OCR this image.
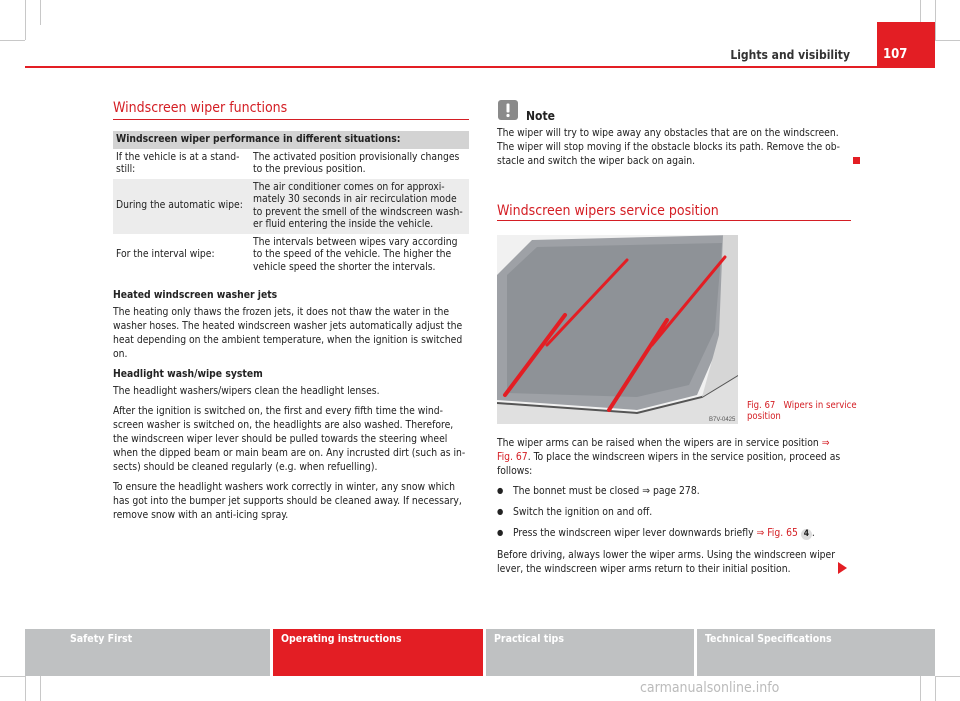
Lights and visibility	107
Windscreen wiper functions
Windscreen wiper performance in different situations:	
If the vehicle is at a stand-still:	The activated position provisionally changes to the previous position.
During the automatic wipe:	The air conditioner comes on for approxi-mately 30 seconds in air recirculation mode to prevent the smell of the windscreen wash-er fluid entering the inside the vehicle.
For the interval wipe:	The intervals between wipes vary according to the speed of the vehicle. The higher the vehicle speed the shorter the intervals.

Heated windscreen washer jets
The heating only thaws the frozen jets, it does not thaw the water in the washer hoses. The heated windscreen washer jets automatically adjust the heat depending on the ambient temperature, when the ignition is switched on.

Headlight wash/wipe system
The headlight washers/wipers clean the headlight lenses.

After the ignition is switched on, the first and every fifth time the wind-screen washer is switched on, the headlights are also washed. Therefore, the windscreen wiper lever should be pulled towards the steering wheel when the dipped beam or main beam are on. Any incrusted dirt (such as in-sects) should be cleaned regularly (e.g. when refuelling).

To ensure the headlight washers work correctly in winter, any snow which has got into the bumper jet supports should be cleaned away. If necessary, remove snow with an anti-icing spray.

Note
The wiper will try to wipe away any obstacles that are on the windscreen. The wiper will stop moving if the obstacle blocks its path. Remove the ob-stacle and switch the wiper back on again.
Windscreen wipers service position
B7V-0425
Fig. 67 Wipers in service position

The wiper arms can be raised when the wipers are in service position ⇒ Fig. 67. To place the windscreen wipers in the service position, proceed as follows:

● The bonnet must be closed ⇒ page 278.
● Switch the ignition on and off.
● Press the windscreen wiper lever downwards briefly ⇒ Fig. 65 4 .

Before driving, always lower the wiper arms. Using the windscreen wiper lever, the windscreen wiper arms return to their initial position.

Safety First	Operating instructions	Practical tips	Technical Specifications
carmanualsonline.info
